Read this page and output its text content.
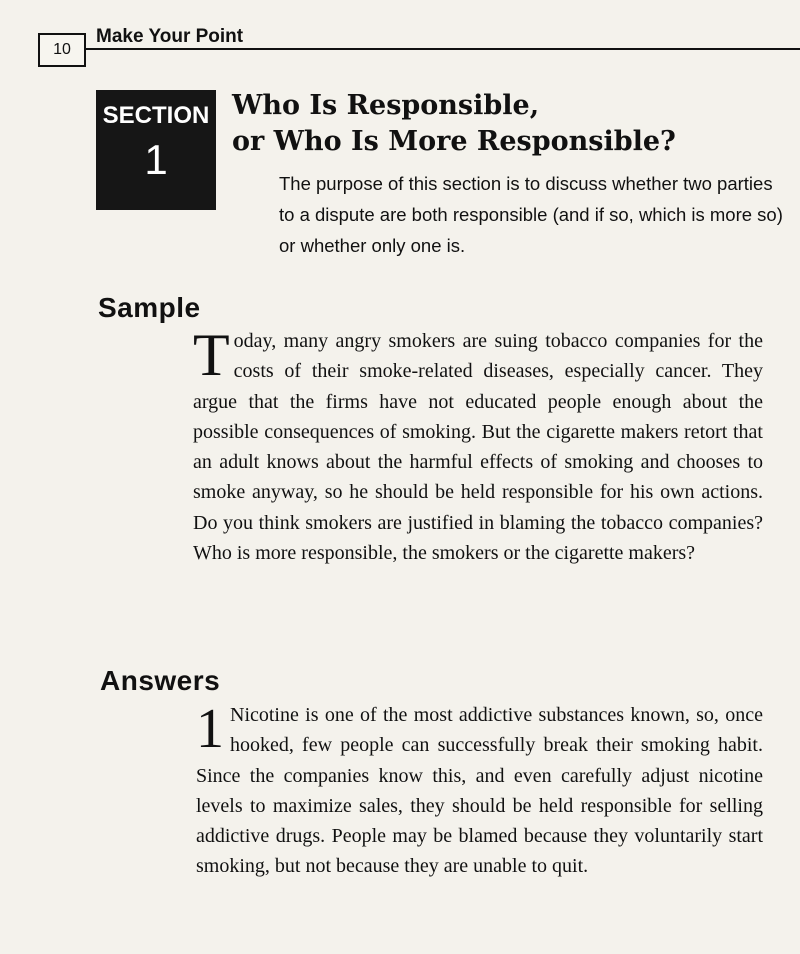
10
Make Your Point
SECTION
1
Who Is Responsible,
or Who Is More Responsible?
The purpose of this section is to discuss whether two parties to a dispute are both responsible (and if so, which is more so) or whether only one is.
Sample
Today, many angry smokers are suing tobacco companies for the costs of their smoke-related diseases, especially cancer. They argue that the firms have not educated people enough about the possible consequences of smoking. But the cigarette makers retort that an adult knows about the harmful effects of smoking and chooses to smoke anyway, so he should be held responsible for his own actions. Do you think smokers are justified in blaming the tobacco companies? Who is more responsible, the smokers or the cigarette makers?
Answers
1 Nicotine is one of the most addictive substances known, so, once hooked, few people can successfully break their smoking habit. Since the companies know this, and even carefully adjust nicotine levels to maximize sales, they should be held responsible for selling addictive drugs. People may be blamed because they voluntarily start smoking, but not because they are unable to quit.
